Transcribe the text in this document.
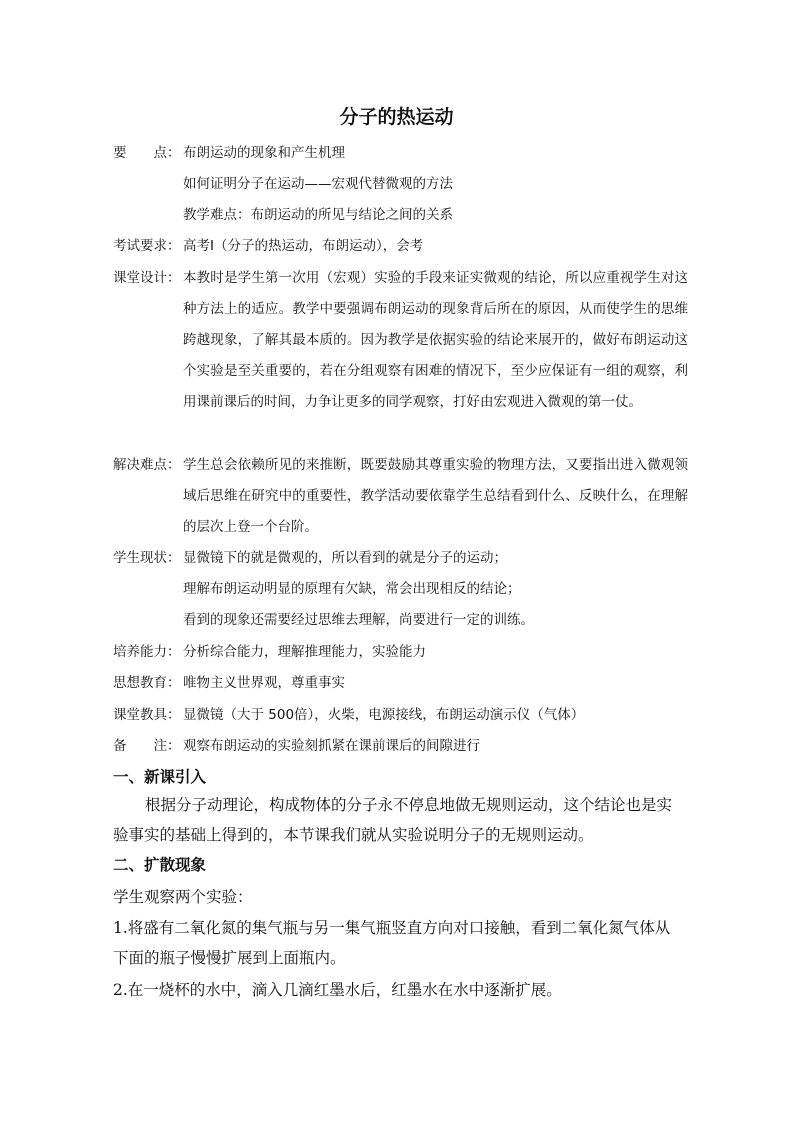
分子的热运动
要　　点： 布朗运动的现象和产生机理
如何证明分子在运动——宏观代替微观的方法
教学难点：布朗运动的所见与结论之间的关系
考试要求： 高考Ⅰ（分子的热运动，布朗运动），会考
课堂设计： 本教时是学生第一次用（宏观）实验的手段来证实微观的结论，所以应重视学生对这种方法上的适应。教学中要强调布朗运动的现象背后所在的原因，从而使学生的思维跨越现象，了解其最本质的。因为教学是依据实验的结论来展开的，做好布朗运动这个实验是至关重要的，若在分组观察有困难的情况下，至少应保证有一组的观察，利用课前课后的时间，力争让更多的同学观察，打好由宏观进入微观的第一仗。
解决难点： 学生总会依赖所见的来推断，既要鼓励其尊重实验的物理方法，又要指出进入微观领域后思维在研究中的重要性，教学活动要依靠学生总结看到什么、反映什么，在理解的层次上登一个台阶。
学生现状： 显微镜下的就是微观的，所以看到的就是分子的运动；
理解布朗运动明显的原理有欠缺，常会出现相反的结论；
看到的现象还需要经过思维去理解，尚要进行一定的训练。
培养能力： 分析综合能力，理解推理能力，实验能力
思想教育： 唯物主义世界观，尊重事实
课堂教具： 显微镜（大于 500倍），火柴，电源接线，布朗运动演示仪（气体）
备　　注： 观察布朗运动的实验刻抓紧在课前课后的间隙进行
一、新课引入
根据分子动理论，构成物体的分子永不停息地做无规则运动，这个结论也是实验事实的基础上得到的，本节课我们就从实验说明分子的无规则运动。
二、扩散现象
学生观察两个实验：
1.将盛有二氧化氮的集气瓶与另一集气瓶竖直方向对口接触，看到二氧化氮气体从下面的瓶子慢慢扩展到上面瓶内。
2.在一烧杯的水中，滴入几滴红墨水后，红墨水在水中逐渐扩展。
